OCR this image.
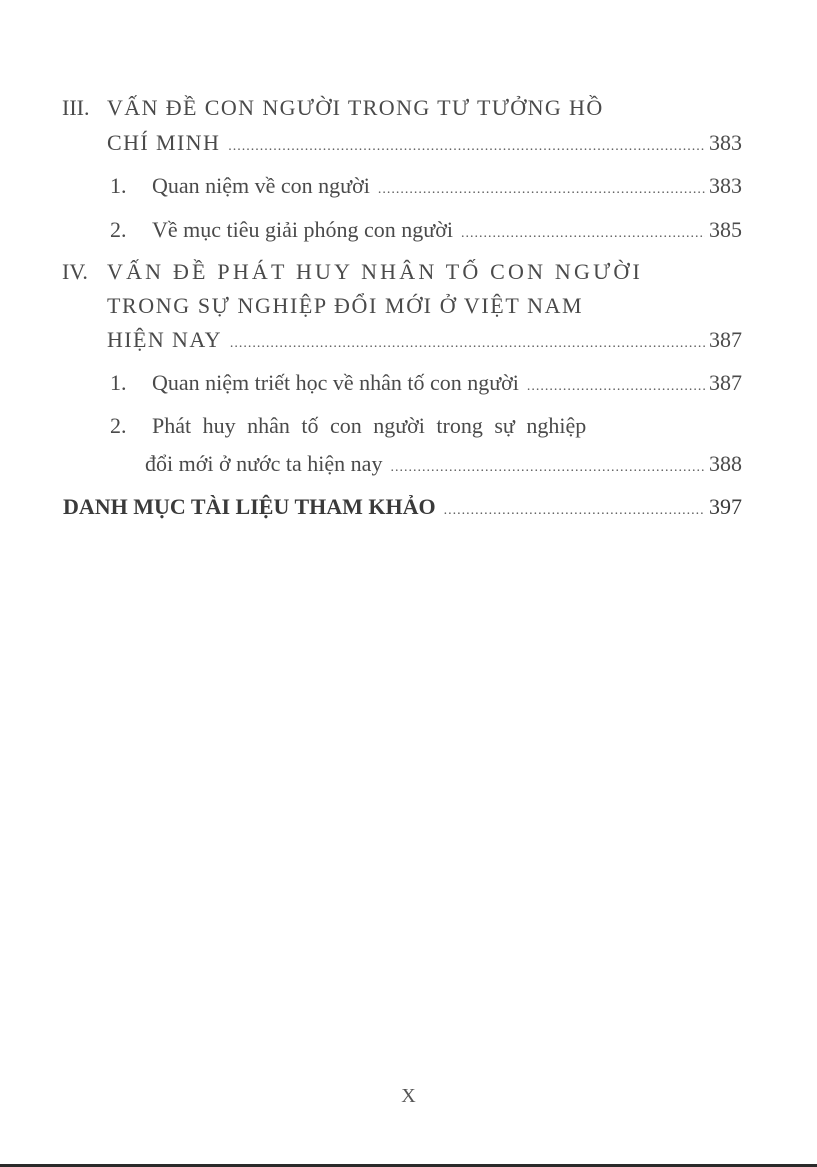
III. VẤN ĐỀ CON NGƯỜI TRONG TƯ TƯỞNG HỒ
CHÍ MINH .....	383
1. Quan niệm về con người .....	383
2. Về mục tiêu giải phóng con người .....	385
IV. VẤN ĐỀ PHÁT HUY NHÂN TỐ CON NGƯỜI
TRONG SỰ NGHIỆP ĐỔI MỚI Ở VIỆT NAM
HIỆN NAY .....	387
1. Quan niệm triết học về nhân tố con người .....	387
2. Phát huy nhân tố con người trong sự nghiệp
đổi mới ở nước ta hiện nay .....	388
DANH MỤC TÀI LIỆU THAM KHẢO .....	397
X
